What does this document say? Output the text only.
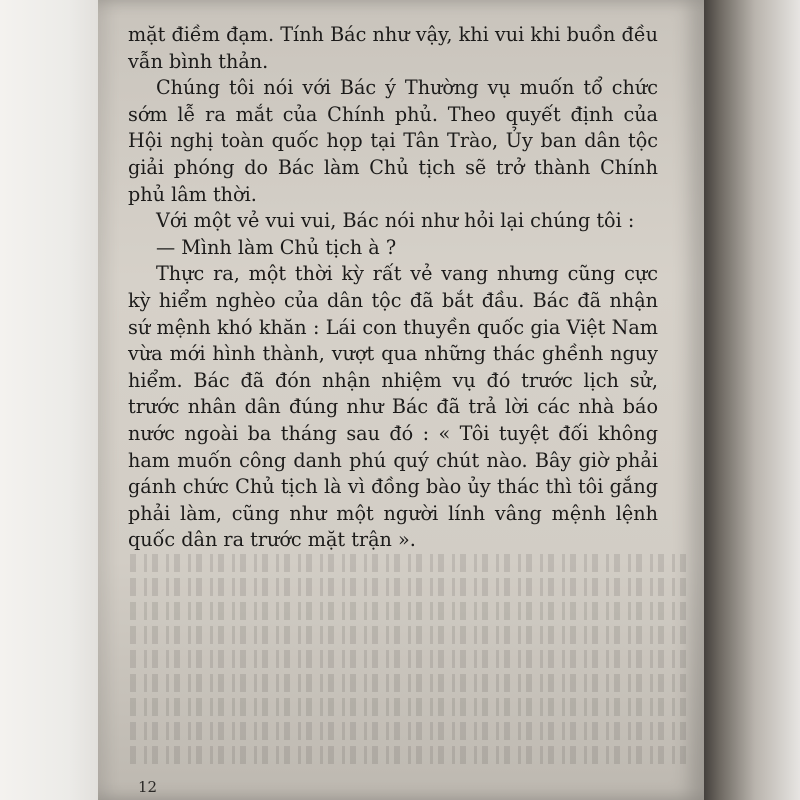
mặt điềm đạm. Tính Bác như vậy, khi vui khi buồn đều vẫn bình thản.

Chúng tôi nói với Bác ý Thường vụ muốn tổ chức sớm lễ ra mắt của Chính phủ. Theo quyết định của Hội nghị toàn quốc họp tại Tân Trào, Ủy ban dân tộc giải phóng do Bác làm Chủ tịch sẽ trở thành Chính phủ lâm thời.

Với một vẻ vui vui, Bác nói như hỏi lại chúng tôi :

— Mình làm Chủ tịch à ?

Thực ra, một thời kỳ rất vẻ vang nhưng cũng cực kỳ hiểm nghèo của dân tộc đã bắt đầu. Bác đã nhận sứ mệnh khó khăn : Lái con thuyền quốc gia Việt Nam vừa mới hình thành, vượt qua những thác ghềnh nguy hiểm. Bác đã đón nhận nhiệm vụ đó trước lịch sử, trước nhân dân đúng như Bác đã trả lời các nhà báo nước ngoài ba tháng sau đó : « Tôi tuyệt đối không ham muốn công danh phú quý chút nào. Bây giờ phải gánh chức Chủ tịch là vì đồng bào ủy thác thì tôi gắng phải làm, cũng như một người lính vâng mệnh lệnh quốc dân ra trước mặt trận ».

12
